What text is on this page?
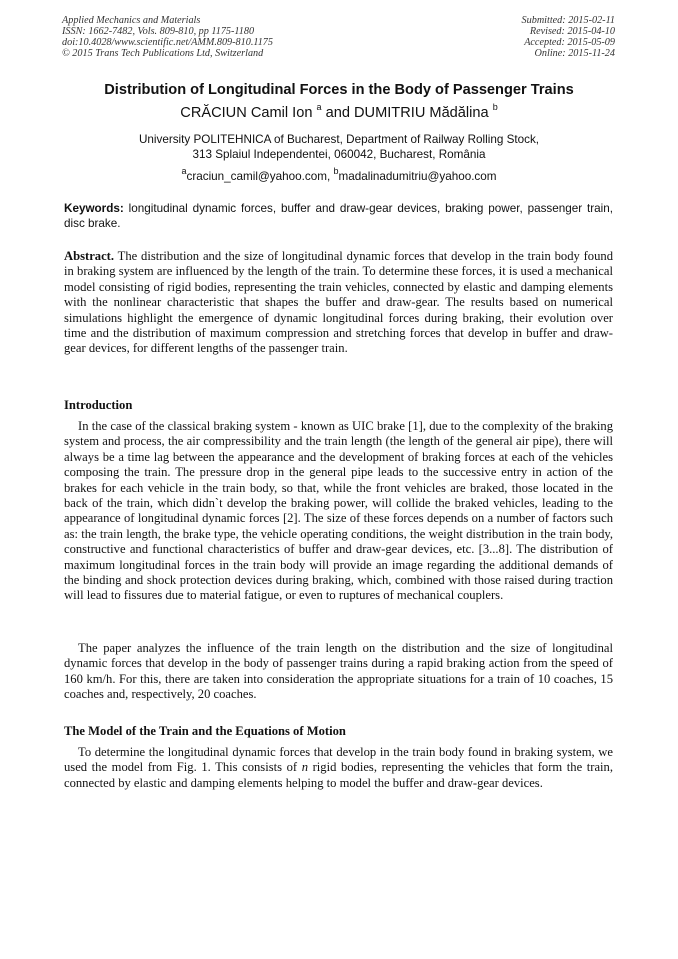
Applied Mechanics and Materials
ISSN: 1662-7482, Vols. 809-810, pp 1175-1180
doi:10.4028/www.scientific.net/AMM.809-810.1175
© 2015 Trans Tech Publications Ltd, Switzerland
Submitted: 2015-02-11
Revised: 2015-04-10
Accepted: 2015-05-09
Online: 2015-11-24
Distribution of Longitudinal Forces in the Body of Passenger Trains
CRĂCIUN Camil Ion $^a$ and DUMITRIU Mădălina $^b$
University POLITEHNICA of Bucharest, Department of Railway Rolling Stock,
313 Splaiul Independentei, 060042, Bucharest, România
$^a$craciun_camil@yahoo.com, $^b$madalinadumitriu@yahoo.com
Keywords: longitudinal dynamic forces, buffer and draw-gear devices, braking power, passenger train, disc brake.
Abstract. The distribution and the size of longitudinal dynamic forces that develop in the train body found in braking system are influenced by the length of the train. To determine these forces, it is used a mechanical model consisting of rigid bodies, representing the train vehicles, connected by elastic and damping elements with the nonlinear characteristic that shapes the buffer and draw-gear. The results based on numerical simulations highlight the emergence of dynamic longitudinal forces during braking, their evolution over time and the distribution of maximum compression and stretching forces that develop in buffer and draw-gear devices, for different lengths of the passenger train.
Introduction
In the case of the classical braking system - known as UIC brake [1], due to the complexity of the braking system and process, the air compressibility and the train length (the length of the general air pipe), there will always be a time lag between the appearance and the development of braking forces at each of the vehicles composing the train. The pressure drop in the general pipe leads to the successive entry in action of the brakes for each vehicle in the train body, so that, while the front vehicles are braked, those located in the back of the train, which didn`t develop the braking power, will collide the braked vehicles, leading to the appearance of longitudinal dynamic forces [2]. The size of these forces depends on a number of factors such as: the train length, the brake type, the vehicle operating conditions, the weight distribution in the train body, constructive and functional characteristics of buffer and draw-gear devices, etc. [3...8]. The distribution of maximum longitudinal forces in the train body will provide an image regarding the additional demands of the binding and shock protection devices during braking, which, combined with those raised during traction will lead to fissures due to material fatigue, or even to ruptures of mechanical couplers.
The paper analyzes the influence of the train length on the distribution and the size of longitudinal dynamic forces that develop in the body of passenger trains during a rapid braking action from the speed of 160 km/h. For this, there are taken into consideration the appropriate situations for a train of 10 coaches, 15 coaches and, respectively, 20 coaches.
The Model of the Train and the Equations of Motion
To determine the longitudinal dynamic forces that develop in the train body found in braking system, we used the model from Fig. 1. This consists of n rigid bodies, representing the vehicles that form the train, connected by elastic and damping elements helping to model the buffer and draw-gear devices.
